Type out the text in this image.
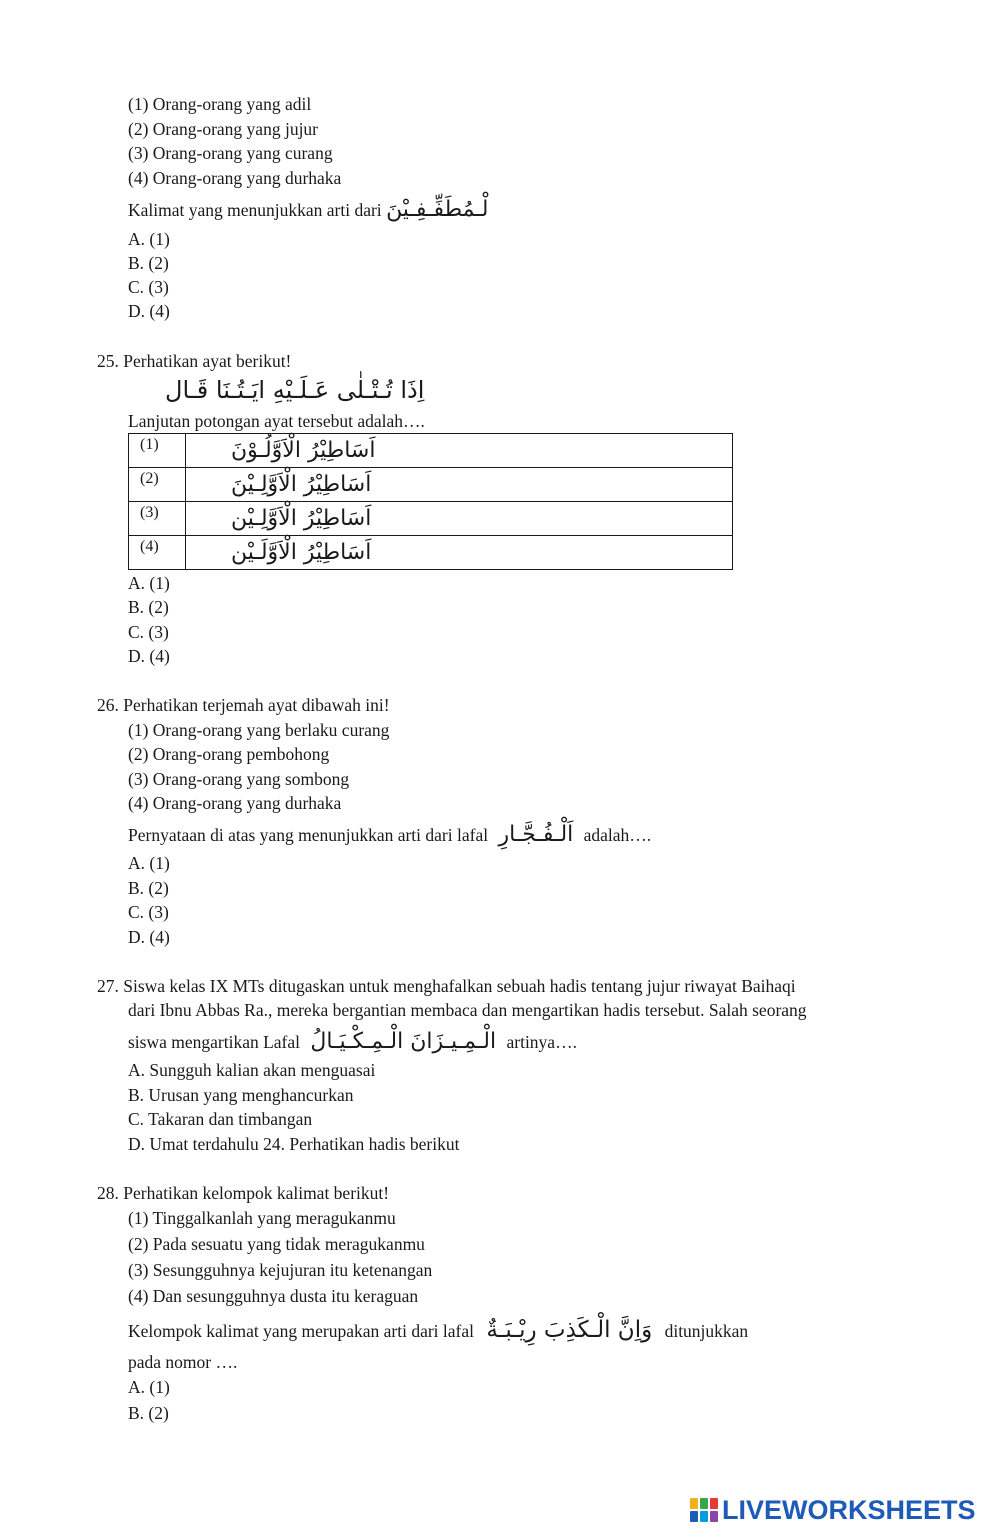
(1) Orang-orang yang adil
(2) Orang-orang yang jujur
(3) Orang-orang yang curang
(4) Orang-orang yang durhaka
Kalimat yang menunjukkan arti dari لْـمُطَفِّـفِـيْنَ
A. (1)
B. (2)
C. (3)
D. (4)
25. Perhatikan ayat berikut!
اِذَا تُـتْـلٰى عَـلَـيْهِ ايَـتُـنَا قَـال
Lanjutan potongan ayat tersebut adalah….
(1)	اَسَاطِيْرُ الْاَوَّلُـوْنَ
(2)	اَسَاطِيْرُ الْاَوَّلِـيْنَ
(3)	اَسَاطِيْرُ الْاَوَّلِـيْن
(4)	اَسَاطِيْرُ الْاَوَّلَـيْن
A. (1)
B. (2)
C. (3)
D. (4)
26. Perhatikan terjemah ayat dibawah ini!
(1) Orang-orang yang berlaku curang
(2) Orang-orang pembohong
(3) Orang-orang yang sombong
(4) Orang-orang yang durhaka
Pernyataan di atas yang menunjukkan arti dari lafal اَلْـفُـجَّـارِ adalah….
A. (1)
B. (2)
C. (3)
D. (4)
27. Siswa kelas IX MTs ditugaskan untuk menghafalkan sebuah hadis tentang jujur riwayat Baihaqi
dari Ibnu Abbas Ra., mereka bergantian membaca dan mengartikan hadis tersebut. Salah seorang
siswa mengartikan Lafal الْـمِـيـزَانَ الْـمِـكْـيَـالُ artinya….
A. Sungguh kalian akan menguasai
B. Urusan yang menghancurkan
C. Takaran dan timbangan
D. Umat terdahulu 24. Perhatikan hadis berikut
28. Perhatikan kelompok kalimat berikut!
(1) Tinggalkanlah yang meragukanmu
(2) Pada sesuatu yang tidak meragukanmu
(3) Sesungguhnya kejujuran itu ketenangan
(4) Dan sesungguhnya dusta itu keraguan
Kelompok kalimat yang merupakan arti dari lafal وَاِنَّ الْـكَذِبَ رِيْـبَـةٌ ditunjukkan
pada nomor ….
A. (1)
B. (2)
LIVEWORKSHEETS
